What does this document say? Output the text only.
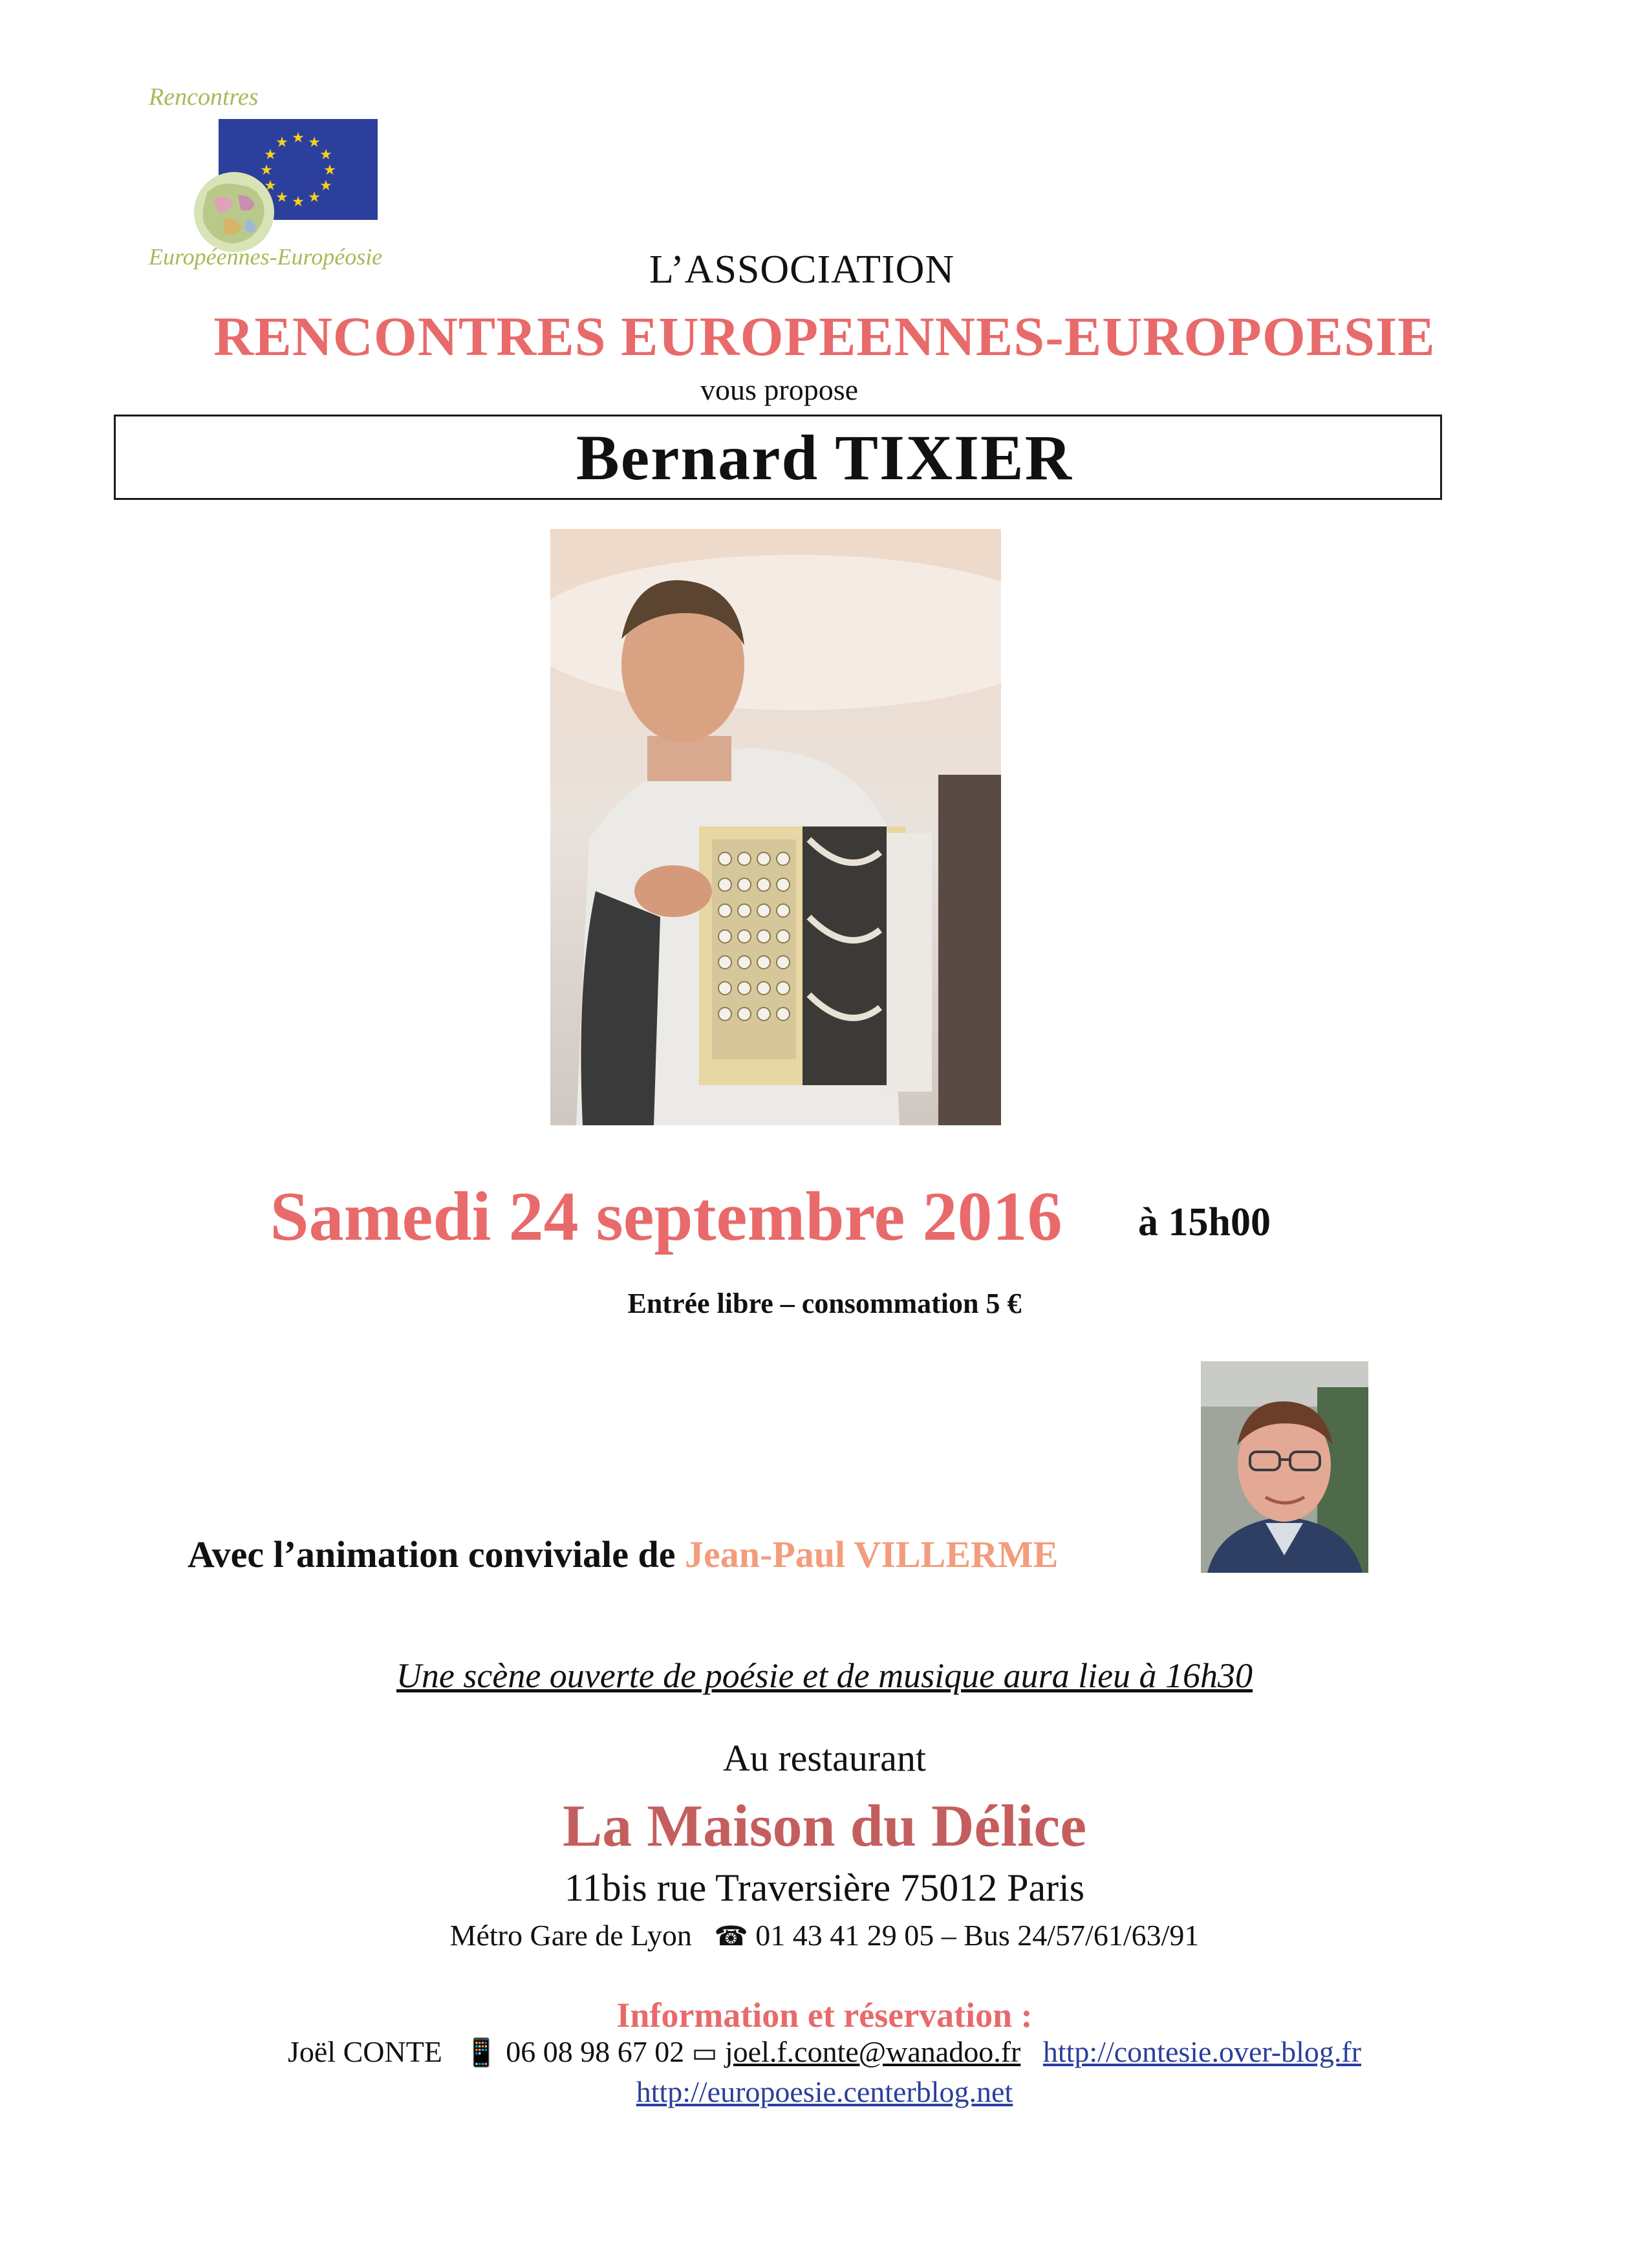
Rencontres
★ ★
★
★
★
★
★
★
★
★
★
★
Européennes-Européosie	L’ASSOCIATION
RENCONTRES EUROPEENNES-EUROPOESIE
vous propose
Bernard TIXIER
Samedi 24 septembre 2016	à 15h00
Entrée libre – consommation 5 €
Avec l’animation conviviale de Jean-Paul VILLERME
Une scène ouverte de poésie et de musique aura lieu à 16h30
Au restaurant
La Maison du Délice
11bis rue Traversière 75012 Paris
Métro Gare de Lyon ☎ 01 43 41 29 05 – Bus 24/57/61/63/91
Information et réservation :
Joël CONTE 📱 06 08 98 67 02 ▭ joel.f.conte@wanadoo.fr http://contesie.over-blog.fr
http://europoesie.centerblog.net
